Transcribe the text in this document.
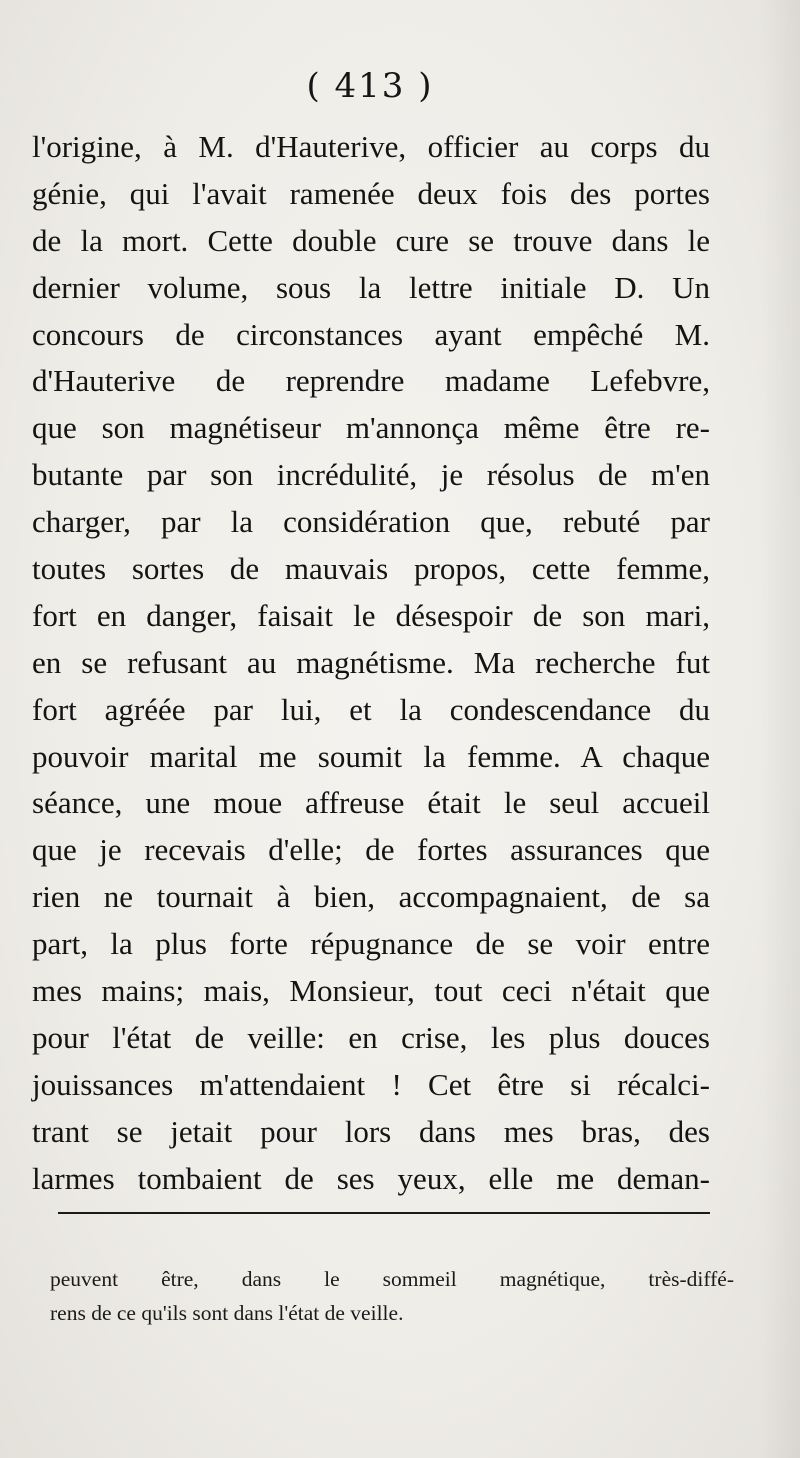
( 413 )
l'origine, à M. d'Hauterive, officier au corps du
génie, qui l'avait ramenée deux fois des portes
de la mort. Cette double cure se trouve dans le
dernier volume, sous la lettre initiale D. Un
concours de circonstances ayant empêché M.
d'Hauterive de reprendre madame Lefebvre,
que son magnétiseur m'annonça même être re-
butante par son incrédulité, je résolus de m'en
charger, par la considération que, rebuté par
toutes sortes de mauvais propos, cette femme,
fort en danger, faisait le désespoir de son mari,
en se refusant au magnétisme. Ma recherche fut
fort agréée par lui, et la condescendance du
pouvoir marital me soumit la femme. A chaque
séance, une moue affreuse était le seul accueil
que je recevais d'elle; de fortes assurances que
rien ne tournait à bien, accompagnaient, de sa
part, la plus forte répugnance de se voir entre
mes mains; mais, Monsieur, tout ceci n'était que
pour l'état de veille: en crise, les plus douces
jouissances m'attendaient ! Cet être si récalci-
trant se jetait pour lors dans mes bras, des
larmes tombaient de ses yeux, elle me deman-
peuvent être, dans le sommeil magnétique, très-diffé-
rens de ce qu'ils sont dans l'état de veille.
